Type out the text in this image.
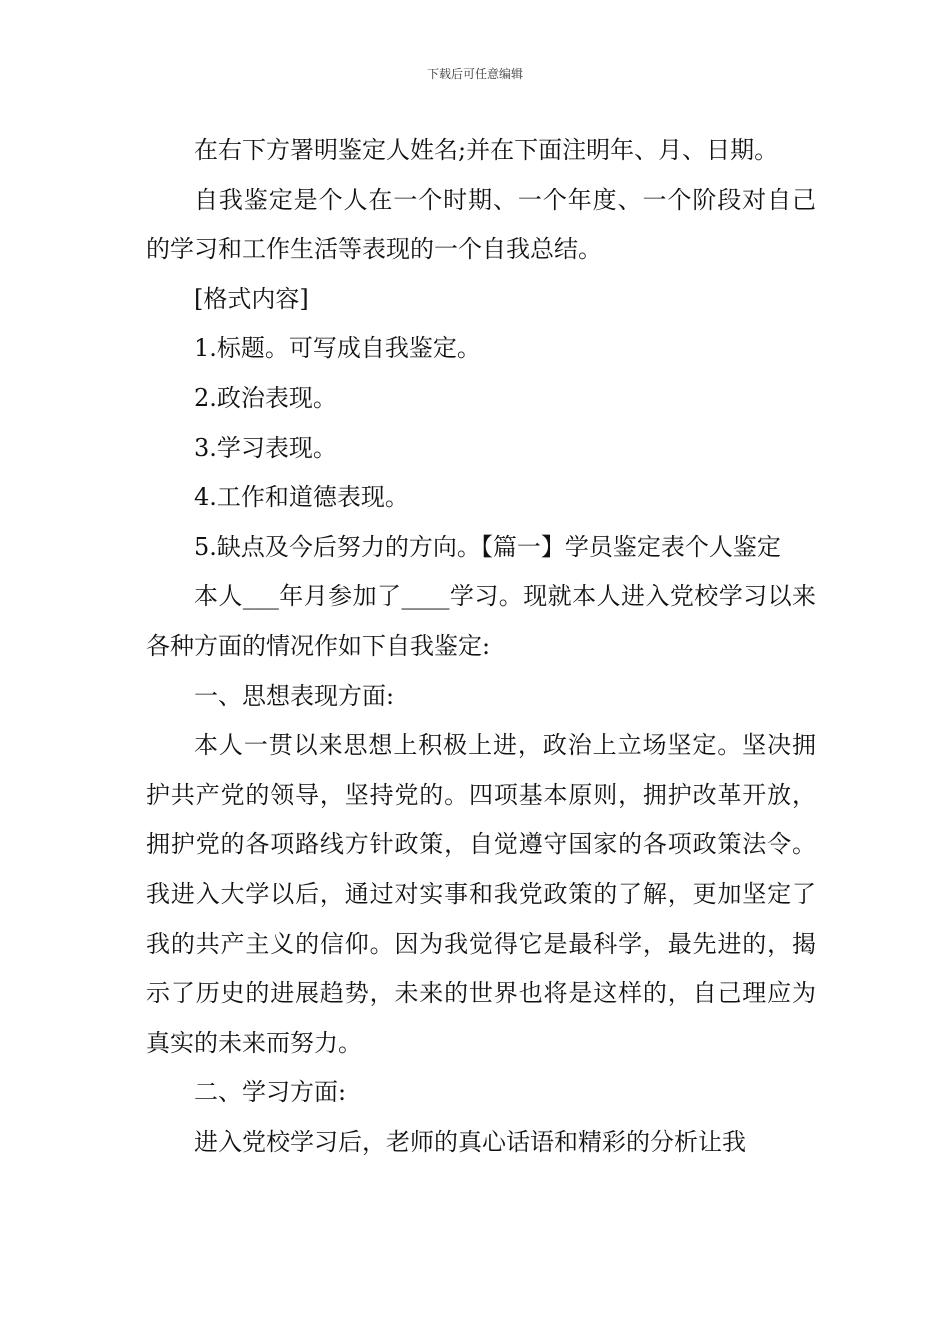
下载后可任意编辑

在右下方署明鉴定人姓名;并在下面注明年、月、日期。

自我鉴定是个人在一个时期、一个年度、一个阶段对自己的学习和工作生活等表现的一个自我总结。

[格式内容]

1.标题。可写成自我鉴定。

2.政治表现。

3.学习表现。

4.工作和道德表现。

5.缺点及今后努力的方向。【篇一】学员鉴定表个人鉴定

本人___年月参加了____学习。现就本人进入党校学习以来各种方面的情况作如下自我鉴定:

一、思想表现方面:

本人一贯以来思想上积极上进，政治上立场坚定。坚决拥护共产党的领导，坚持党的。四项基本原则，拥护改革开放，拥护党的各项路线方针政策，自觉遵守国家的各项政策法令。我进入大学以后，通过对实事和我党政策的了解，更加坚定了我的共产主义的信仰。因为我觉得它是最科学，最先进的，揭示了历史的进展趋势，未来的世界也将是这样的，自己理应为真实的未来而努力。

二、学习方面:

进入党校学习后，老师的真心话语和精彩的分析让我
